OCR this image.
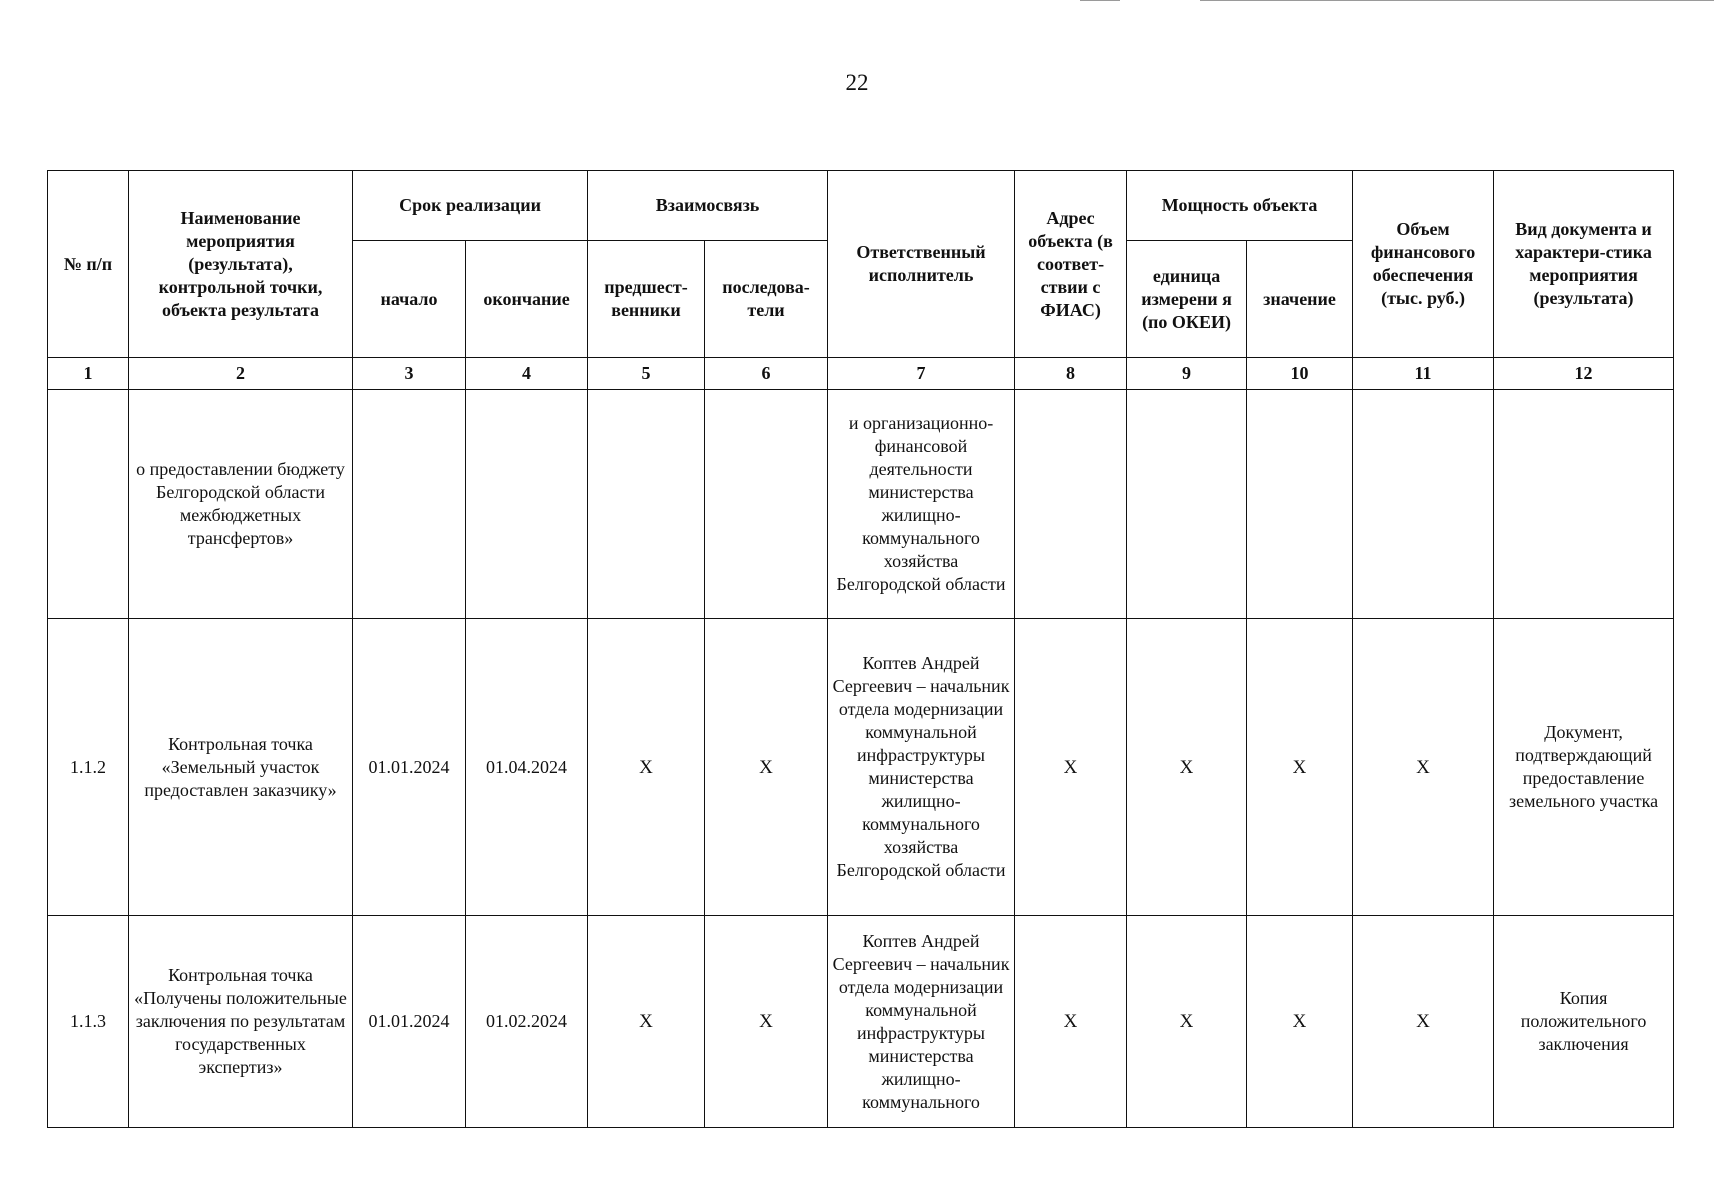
22
№ п/п	Наименование мероприятия (результата), контрольной точки, объекта результата	Срок реализации		Взаимосвязь		Ответственный исполнитель	Адрес объекта (в соответ-ствии с ФИАС)	Мощность объекта		Объем финансового обеспечения (тыс. руб.)	Вид документа и характери-стика мероприятия (результата)
		начало	окончание	предшест-венники	последова-тели			единица измерени я (по ОКЕИ)	значение		
1	2	3	4	5	6	7	8	9	10	11	12
	о предоставлении бюджету Белгородской области межбюджетных трансфертов»					и организационно-финансовой деятельности министерства жилищно-коммунального хозяйства Белгородской области					
1.1.2	Контрольная точка «Земельный участок предоставлен заказчику»	01.01.2024	01.04.2024	X	X	Коптев Андрей Сергеевич – начальник отдела модернизации коммунальной инфраструктуры министерства жилищно-коммунального хозяйства Белгородской области	X	X	X	X	Документ, подтверждающий предоставление земельного участка
1.1.3	Контрольная точка «Получены положительные заключения по результатам государственных экспертиз»	01.01.2024	01.02.2024	X	X	Коптев Андрей Сергеевич – начальник отдела модернизации коммунальной инфраструктуры министерства жилищно-коммунального	X	X	X	X	Копия положительного заключения
